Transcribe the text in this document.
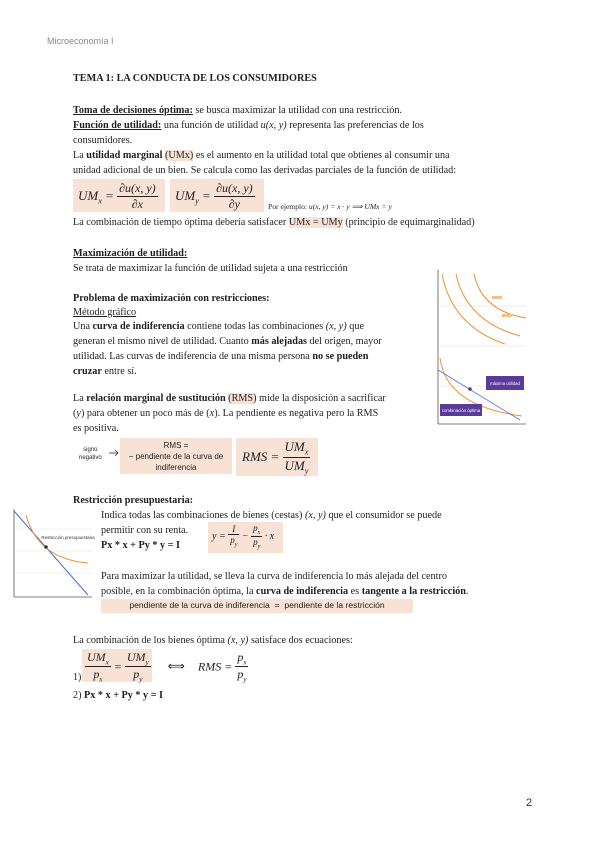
Microeconomía I
TEMA 1: LA CONDUCTA DE LOS CONSUMIDORES
Toma de decisiones óptima: se busca maximizar la utilidad con una restricción.
Función de utilidad: una función de utilidad u(x, y) representa las preferencias de los
consumidores.
La utilidad marginal (UMx) es el aumento en la utilidad total que obtienes al consumir una
unidad adicional de un bien. Se calcula como las derivadas parciales de la función de utilidad:
$UM_x = \frac{\partial u(x, y)}{\partial x} UM_y = \frac{\partial u(x, y)}{\partial y}$ Por ejemplo: u(x, y) = x · y ⟹ UMx = y
La combinación de tiempo óptima debería satisfacer UMx = UMy (principio de equimarginalidad)
Maximización de utilidad:
Se trata de maximizar la función de utilidad sujeta a una restricción
Problema de maximización con restricciones:
Método gráfico
Una curva de indiferencia contiene todas las combinaciones (x, y) que
generan el mismo nivel de utilidad. Cuanto más alejadas del origen, mayor
utilidad. Las curvas de indiferencia de una misma persona no se pueden
cruzar entre sí.
máxima utilidad
combinación óptima
La relación marginal de sustitución (RMS) mide la disposición a sacrificar
(y) para obtener un poco más de (x). La pendiente es negativa pero la RMS
es positiva.
signo
negativo
RMS =
− pendiente de la curva de
indiferencia
RMS =
$UM_x$
$UM_y$
Restricción presupuestaria:
Restricción presupuestaria
Indica todas las combinaciones de bienes (cestas) (x, y) que el consumidor se puede
permitir con su renta.
Px * x + Py * y = I
$y = \frac{I}{p_y} - \frac{p_x}{p_y} \cdot x$
Para maximizar la utilidad, se lleva la curva de indiferencia lo más alejada del centro
posible, en la combinación óptima, la curva de indiferencia es tangente a la restricción.
pendiente de la curva de indiferencia  =  pendiente de la restricción
La combinación de los bienes óptima (x, y) satisface dos ecuaciones:
1)
$UM_x$
$p_x$
=
$UM_y$
$p_y$
⟺ RMS = $\frac{p_x}{p_y}$
2) Px * x + Py * y = I
2
